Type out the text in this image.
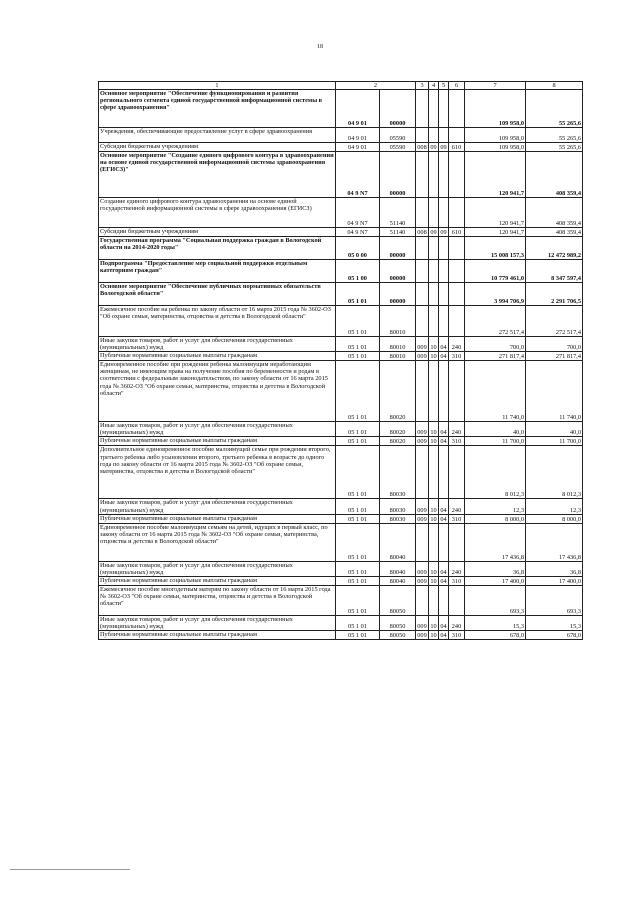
18
1	2		3	4	5	6	7	8
Основное мероприятие "Обеспечение функционирования и развития регионального сегмента единой государственной информационной системы в сфере здравоохранения"	04 9 01	00000					109 958,0	55 265,6
Учреждения, обеспечивающие предоставление услуг в сфере здравоохранения	04 9 01	05590					109 958,0	55 265,6
Субсидии бюджетным учреждениям	04 9 01	05590	008	09	09	610	109 958,0	55 265,6
Основное мероприятие "Создание единого цифрового контура в здравоохранении на основе единой государственной информационной системы здравоохранения (ЕГИСЗ)"	04 9 N7	00000					120 941,7	408 359,4
Создание единого цифрового контура здравоохранения на основе единой государственной информационной системы в сфере здравоохранения (ЕГИСЗ)	04 9 N7	51140					120 941,7	408 359,4
Субсидии бюджетным учреждениям	04 9 N7	51140	008	09	09	610	120 941,7	408 359,4
Государственная программа "Социальная поддержка граждан в Вологодской области на 2014-2020 годы"	05 0 00	00000					15 008 157,3	12 472 989,2
Подпрограмма "Предоставление мер социальной поддержки отдельным категориям граждан"	05 1 00	00000					10 779 461,0	8 347 597,4
Основное мероприятие "Обеспечение публичных нормативных обязательств Вологодской области"	05 1 01	00000					3 994 706,9	2 291 706,5
Ежемесячное пособие на ребенка по закону области от 16 марта 2015 года № 3602-ОЗ "Об охране семьи, материнства, отцовства и детства в Вологодской области"	05 1 01	80010					272 517,4	272 517,4
Иные закупки товаров, работ и услуг для обеспечения государственных (муниципальных) нужд	05 1 01	80010	009	10	04	240	700,0	700,0
Публичные нормативные социальные выплаты гражданам	05 1 01	80010	009	10	04	310	271 817,4	271 817,4
Единовременное пособие при рождении ребенка малоимущим неработающим женщинам, не имеющим права на получение пособия по беременности и родам в соответствии с федеральным законодательством, по закону области от 16 марта 2015 года № 3602-ОЗ "Об охране семьи, материнства, отцовства и детства в Вологодской области"	05 1 01	80020					11 740,0	11 740,0
Иные закупки товаров, работ и услуг для обеспечения государственных (муниципальных) нужд	05 1 01	80020	009	10	04	240	40,0	40,0
Публичные нормативные социальные выплаты гражданам	05 1 01	80020	009	10	04	310	11 700,0	11 700,0
Дополнительное единовременное пособие малоимущей семье при рождении второго, третьего ребенка либо усыновлении второго, третьего ребенка в возрасте до одного года по закону области от 16 марта 2015 года № 3602-ОЗ "Об охране семьи, материнства, отцовства и детства в Вологодской области"	05 1 01	80030					8 012,3	8 012,3
Иные закупки товаров, работ и услуг для обеспечения государственных (муниципальных) нужд	05 1 01	80030	009	10	04	240	12,3	12,3
Публичные нормативные социальные выплаты гражданам	05 1 01	80030	009	10	04	310	8 000,0	8 000,0
Единовременное пособие малоимущим семьям на детей, идущих в первый класс, по закону области от 16 марта 2015 года № 3602-ОЗ "Об охране семьи, материнства, отцовства и детства в Вологодской области"	05 1 01	80040					17 436,8	17 436,8
Иные закупки товаров, работ и услуг для обеспечения государственных (муниципальных) нужд	05 1 01	80040	009	10	04	240	36,8	36,8
Публичные нормативные социальные выплаты гражданам	05 1 01	80040	009	10	04	310	17 400,0	17 400,0
Ежемесячное пособие многодетным матерям по закону области от 16 марта 2015 года № 3602-ОЗ "Об охране семьи, материнства, отцовства и детства в Вологодской области"	05 1 01	80050					693,3	693,3
Иные закупки товаров, работ и услуг для обеспечения государственных (муниципальных) нужд	05 1 01	80050	009	10	04	240	15,3	15,3
Публичные нормативные социальные выплаты гражданам	05 1 01	80050	009	10	04	310	678,0	678,0
